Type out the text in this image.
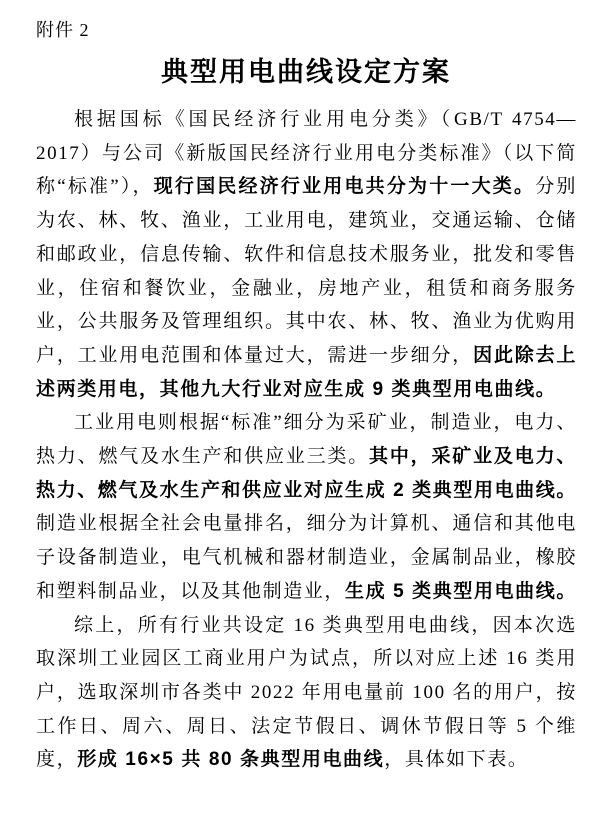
附件 2
典型用电曲线设定方案

根据国标《国民经济行业用电分类》（GB/T 4754—2017）与公司《新版国民经济行业用电分类标准》（以下简称“标准”），现行国民经济行业用电共分为十一大类。分别为农、林、牧、渔业，工业用电，建筑业，交通运输、仓储和邮政业，信息传输、软件和信息技术服务业，批发和零售业，住宿和餐饮业，金融业，房地产业，租赁和商务服务业，公共服务及管理组织。其中农、林、牧、渔业为优购用户，工业用电范围和体量过大，需进一步细分，因此除去上述两类用电，其他九大行业对应生成 9 类典型用电曲线。

工业用电则根据“标准”细分为采矿业，制造业，电力、热力、燃气及水生产和供应业三类。其中，采矿业及电力、热力、燃气及水生产和供应业对应生成 2 类典型用电曲线。制造业根据全社会电量排名，细分为计算机、通信和其他电子设备制造业，电气机械和器材制造业，金属制品业，橡胶和塑料制品业，以及其他制造业，生成 5 类典型用电曲线。

综上，所有行业共设定 16 类典型用电曲线，因本次选取深圳工业园区工商业用户为试点，所以对应上述 16 类用户，选取深圳市各类中 2022 年用电量前 100 名的用户，按工作日、周六、周日、法定节假日、调休节假日等 5 个维度，形成 16×5 共 80 条典型用电曲线，具体如下表。
